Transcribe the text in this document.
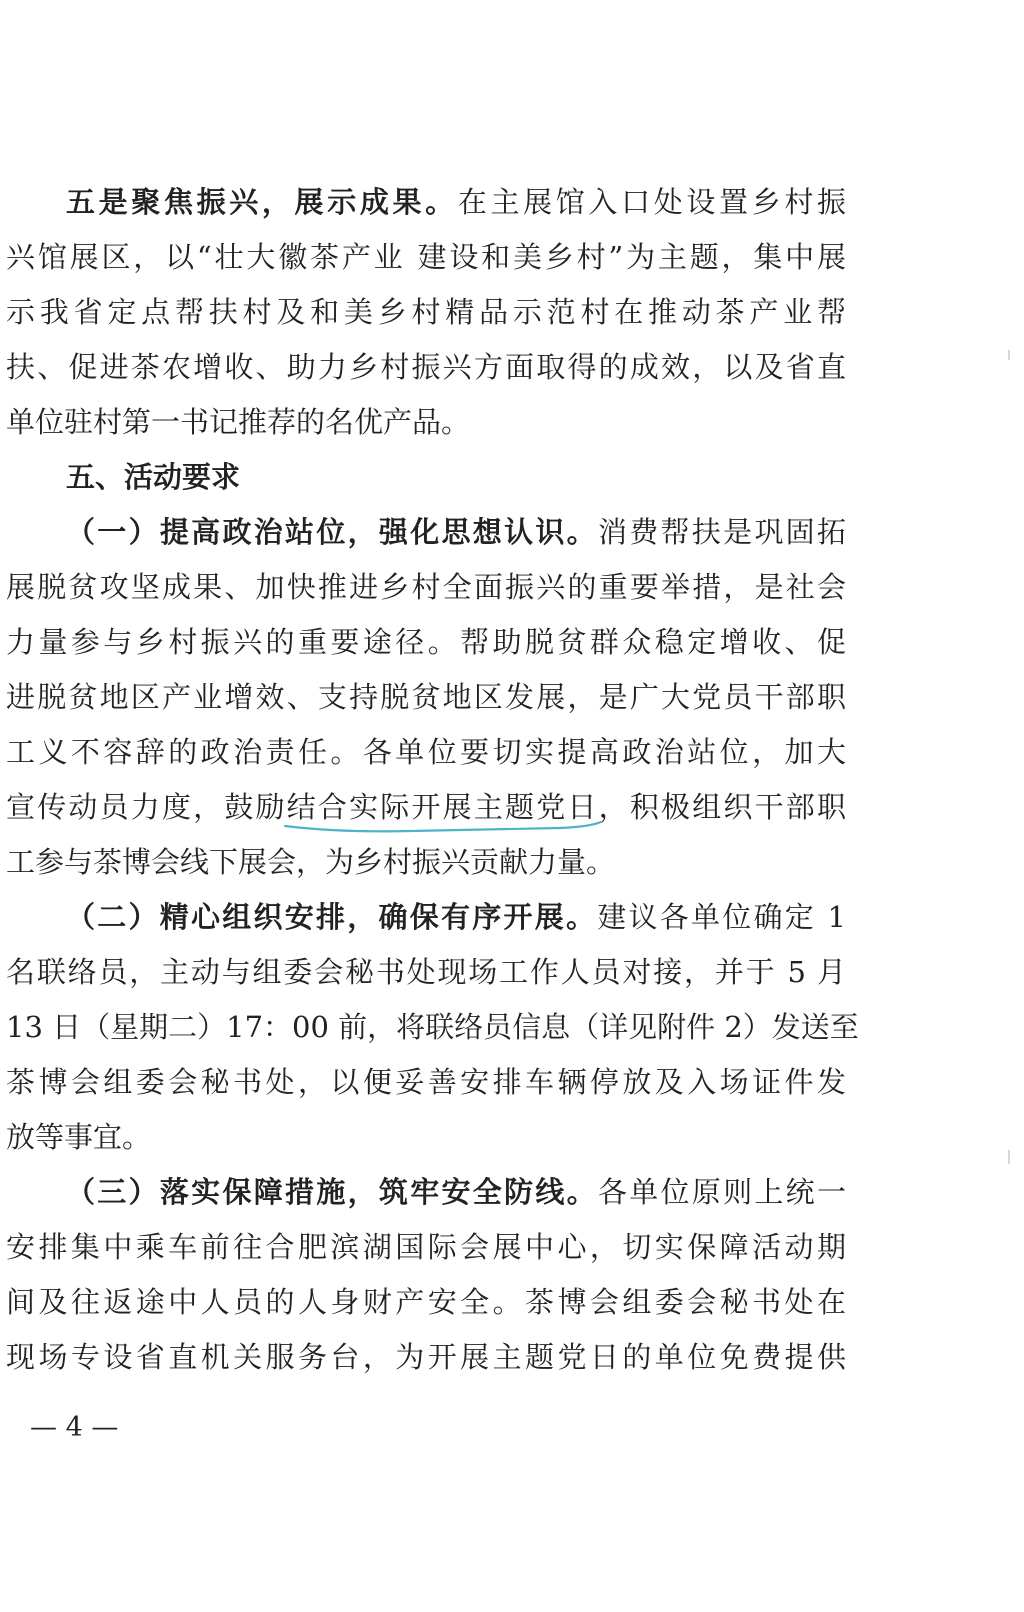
五是聚焦振兴，展示成果。在主展馆入口处设置乡村振
兴馆展区，以“壮大徽茶产业 建设和美乡村”为主题，集中展
示我省定点帮扶村及和美乡村精品示范村在推动茶产业帮
扶、促进茶农增收、助力乡村振兴方面取得的成效，以及省直
单位驻村第一书记推荐的名优产品。
五、活动要求
（一）提高政治站位，强化思想认识。消费帮扶是巩固拓
展脱贫攻坚成果、加快推进乡村全面振兴的重要举措，是社会
力量参与乡村振兴的重要途径。帮助脱贫群众稳定增收、促
进脱贫地区产业增效、支持脱贫地区发展，是广大党员干部职
工义不容辞的政治责任。各单位要切实提高政治站位，加大
宣传动员力度，鼓励结合实际开展主题党日
，积极组织干部职
工参与茶博会线下展会，为乡村振兴贡献力量。
（二）精心组织安排，确保有序开展。建议各单位确定 1
名联络员，主动与组委会秘书处现场工作人员对接，并于 5 月
13 日（星期二）17：00 前，将联络员信息（详见附件 2）发送至
茶博会组委会秘书处，以便妥善安排车辆停放及入场证件发
放等事宜。
（三）落实保障措施，筑牢安全防线。各单位原则上统一
安排集中乘车前往合肥滨湖国际会展中心，切实保障活动期
间及往返途中人员的人身财产安全。茶博会组委会秘书处在
现场专设省直机关服务台，为开展主题党日的单位免费提供
— 4 —
